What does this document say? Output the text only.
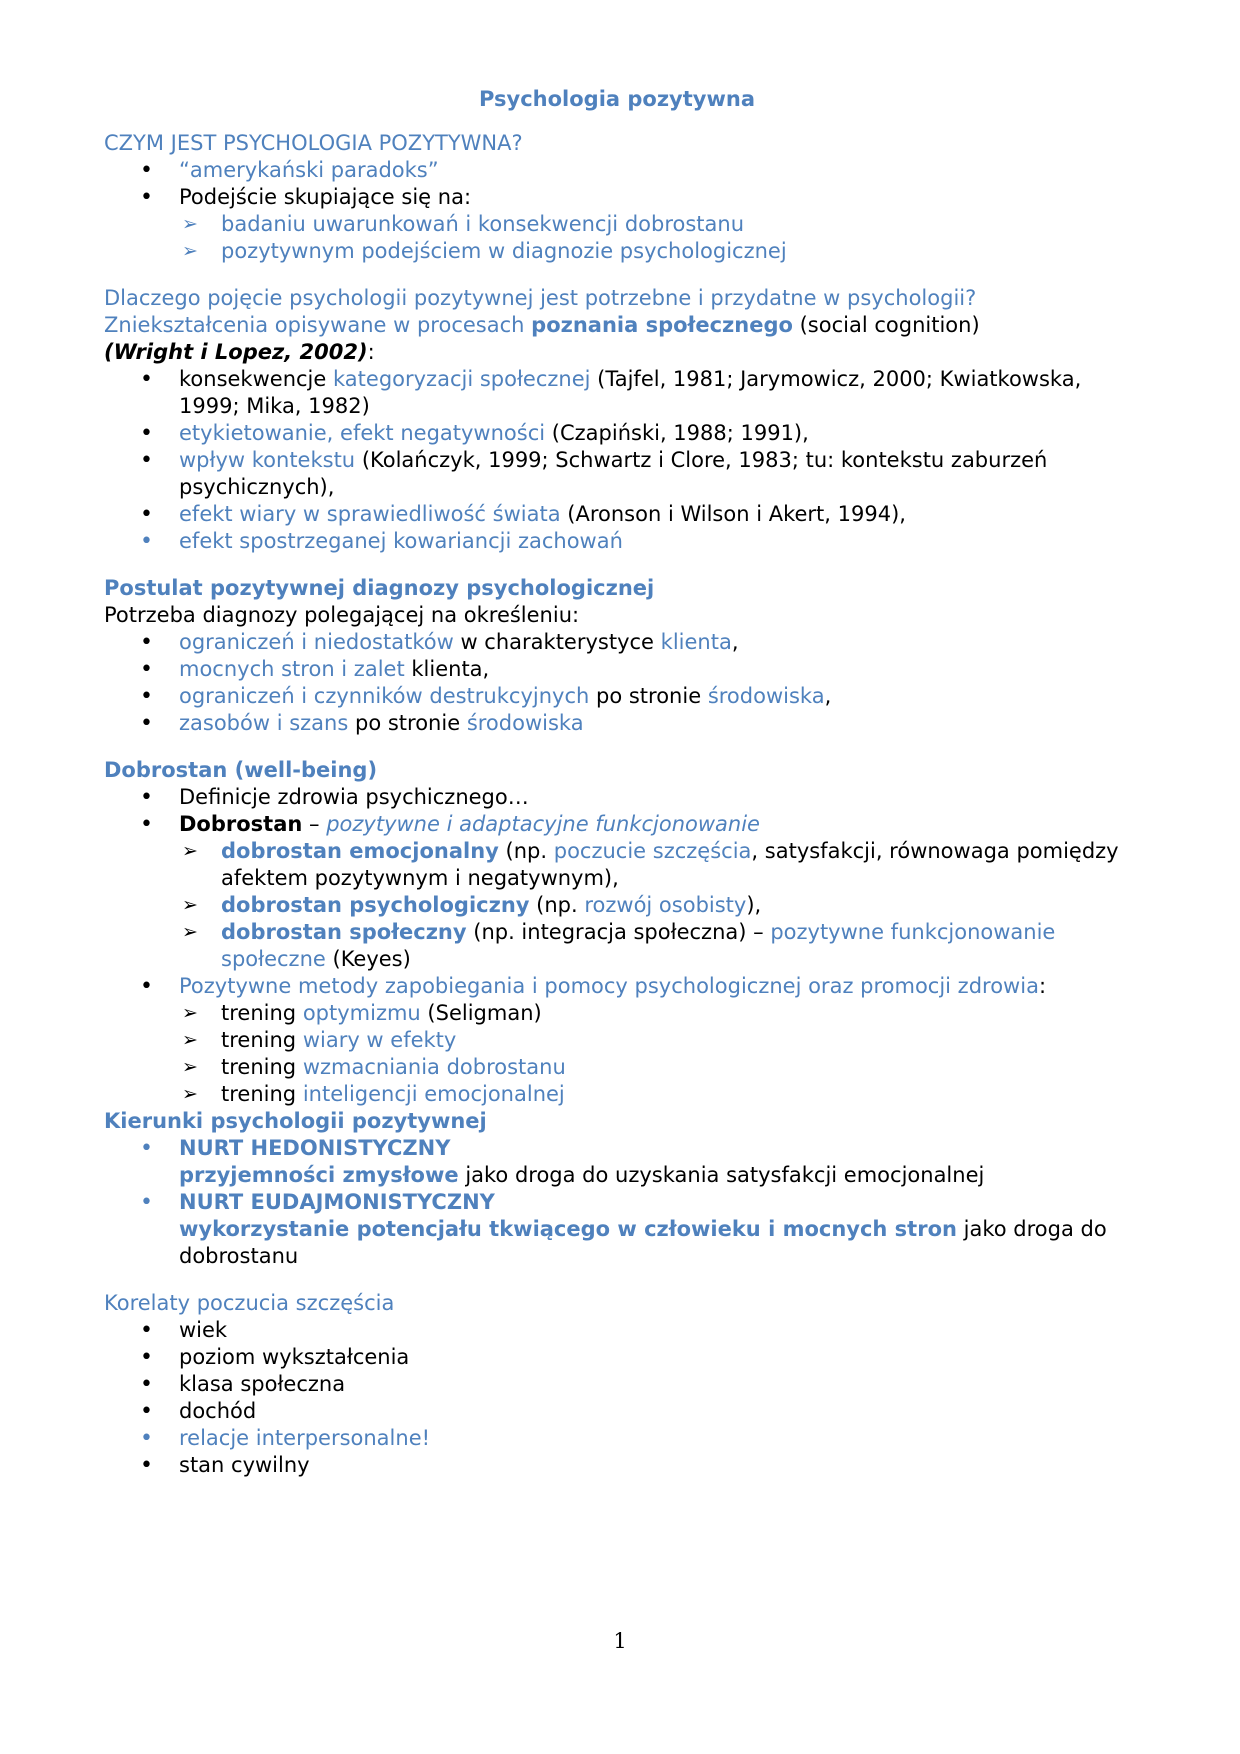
Psychologia pozytywna
CZYM JEST PSYCHOLOGIA POZYTYWNA?
• “amerykański paradoks”
• Podejście skupiające się na:
➢ badaniu uwarunkowań i konsekwencji dobrostanu
➢ pozytywnym podejściem w diagnozie psychologicznej
Dlaczego pojęcie psychologii pozytywnej jest potrzebne i przydatne w psychologii?
Zniekształcenia opisywane w procesach poznania społecznego (social cognition)
(Wright i Lopez, 2002):
• konsekwencje kategoryzacji społecznej (Tajfel, 1981; Jarymowicz, 2000; Kwiatkowska, 1999; Mika, 1982)
• etykietowanie, efekt negatywności (Czapiński, 1988; 1991),
• wpływ kontekstu (Kolańczyk, 1999; Schwartz i Clore, 1983; tu: kontekstu zaburzeń psychicznych),
• efekt wiary w sprawiedliwość świata (Aronson i Wilson i Akert, 1994),
• efekt spostrzeganej kowariancji zachowań
Postulat pozytywnej diagnozy psychologicznej
Potrzeba diagnozy polegającej na określeniu:
• ograniczeń i niedostatków w charakterystyce klienta,
• mocnych stron i zalet klienta,
• ograniczeń i czynników destrukcyjnych po stronie środowiska,
• zasobów i szans po stronie środowiska
Dobrostan (well-being)
• Definicje zdrowia psychicznego…
• Dobrostan – pozytywne i adaptacyjne funkcjonowanie
➢ dobrostan emocjonalny (np. poczucie szczęścia, satysfakcji, równowaga pomiędzy afektem pozytywnym i negatywnym),
➢ dobrostan psychologiczny (np. rozwój osobisty),
➢ dobrostan społeczny (np. integracja społeczna) – pozytywne funkcjonowanie społeczne (Keyes)
• Pozytywne metody zapobiegania i pomocy psychologicznej oraz promocji zdrowia:
➢ trening optymizmu (Seligman)
➢ trening wiary w efekty
➢ trening wzmacniania dobrostanu
➢ trening inteligencji emocjonalnej
Kierunki psychologii pozytywnej
• NURT HEDONISTYCZNY
przyjemności zmysłowe jako droga do uzyskania satysfakcji emocjonalnej
• NURT EUDAJMONISTYCZNY
wykorzystanie potencjału tkwiącego w człowieku i mocnych stron jako droga do dobrostanu
Korelaty poczucia szczęścia
• wiek
• poziom wykształcenia
• klasa społeczna
• dochód
• relacje interpersonalne!
• stan cywilny
1
